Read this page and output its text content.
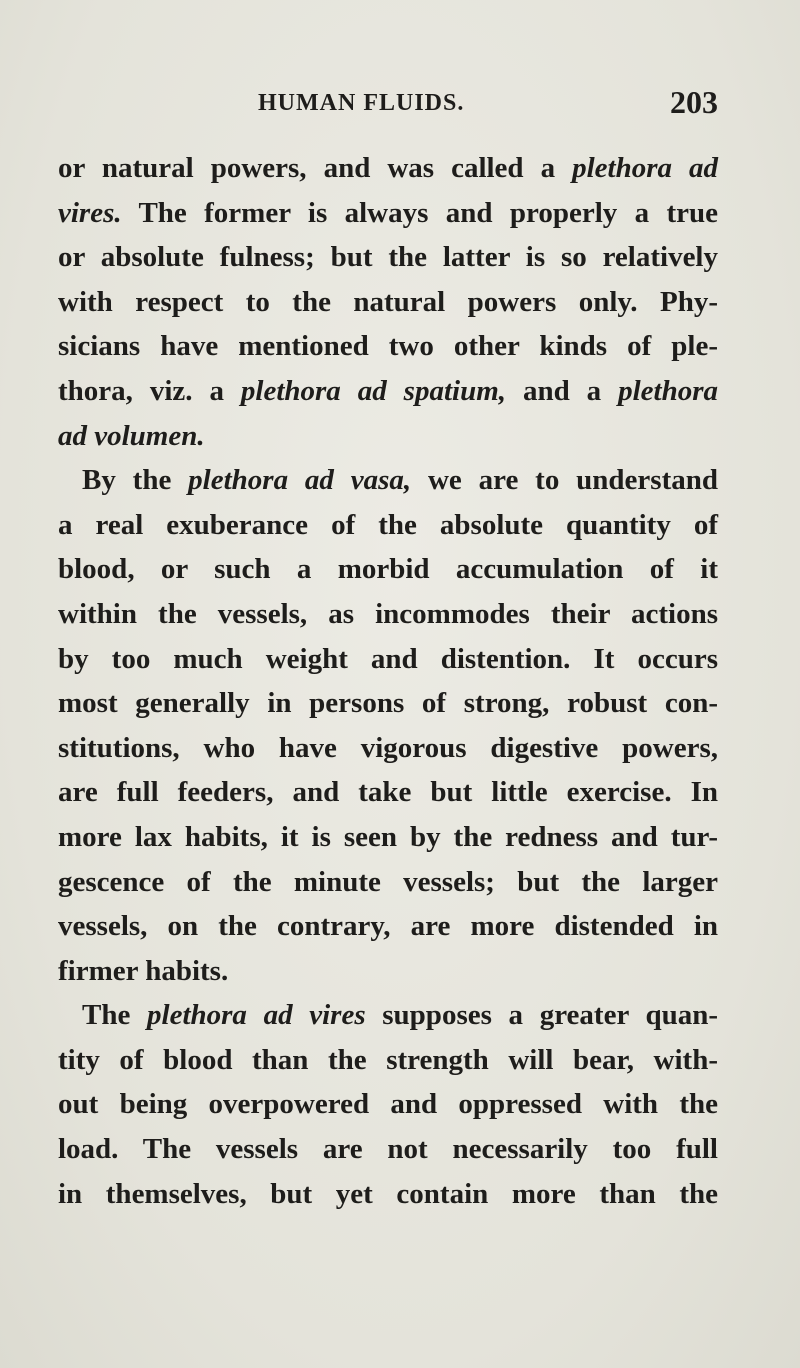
HUMAN FLUIDS.	203
or natural powers, and was called a plethora ad
vires. The former is always and properly a true
or absolute fulness; but the latter is so relatively
with respect to the natural powers only. Phy-
sicians have mentioned two other kinds of ple-
thora, viz. a plethora ad spatium, and a plethora
ad volumen.
By the plethora ad vasa, we are to understand
a real exuberance of the absolute quantity of
blood, or such a morbid accumulation of it
within the vessels, as incommodes their actions
by too much weight and distention. It occurs
most generally in persons of strong, robust con-
stitutions, who have vigorous digestive powers,
are full feeders, and take but little exercise. In
more lax habits, it is seen by the redness and tur-
gescence of the minute vessels; but the larger
vessels, on the contrary, are more distended in
firmer habits.
The plethora ad vires supposes a greater quan-
tity of blood than the strength will bear, with-
out being overpowered and oppressed with the
load. The vessels are not necessarily too full
in themselves, but yet contain more than the
